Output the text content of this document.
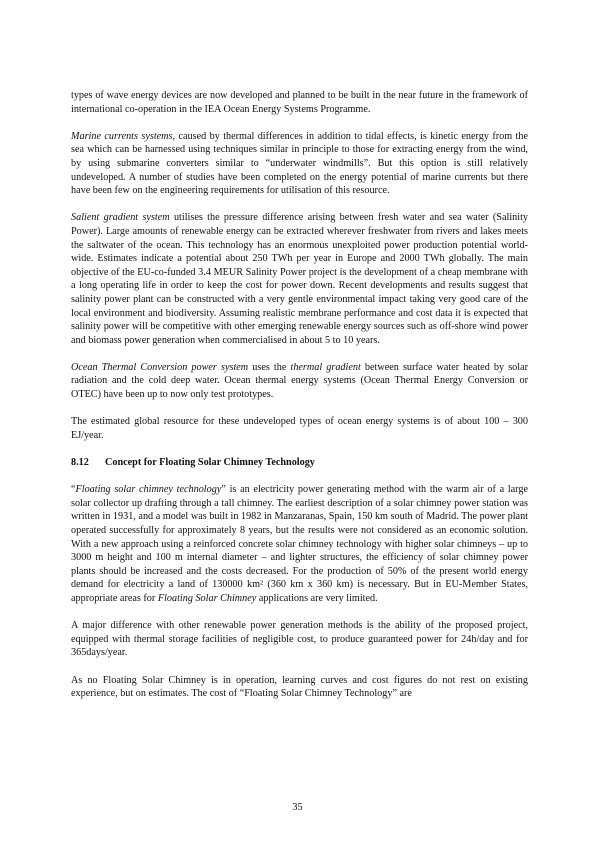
types of wave energy devices are now developed and planned to be built in the near future in the framework of international co-operation in the IEA Ocean Energy Systems Programme.

Marine currents systems, caused by thermal differences in addition to tidal effects, is kinetic energy from the sea which can be harnessed using techniques similar in principle to those for extracting energy from the wind, by using submarine converters similar to “underwater windmills”. But this option is still relatively undeveloped. A number of studies have been completed on the energy potential of marine currents but there have been few on the engineering requirements for utilisation of this resource.

Salient gradient system utilises the pressure difference arising between fresh water and sea water (Salinity Power). Large amounts of renewable energy can be extracted wherever freshwater from rivers and lakes meets the saltwater of the ocean. This technology has an enormous unexploited power production potential world-wide. Estimates indicate a potential about 250 TWh per year in Europe and 2000 TWh globally. The main objective of the EU-co-funded 3.4 MEUR Salinity Power project is the development of a cheap membrane with a long operating life in order to keep the cost for power down. Recent developments and results suggest that salinity power plant can be constructed with a very gentle environmental impact taking very good care of the local environment and biodiversity. Assuming realistic membrane performance and cost data it is expected that salinity power will be competitive with other emerging renewable energy sources such as off-shore wind power and biomass power generation when commercialised in about 5 to 10 years.

Ocean Thermal Conversion power system uses the thermal gradient between surface water heated by solar radiation and the cold deep water. Ocean thermal energy systems (Ocean Thermal Energy Conversion or OTEC) have been up to now only test prototypes.

The estimated global resource for these undeveloped types of ocean energy systems is of about 100 – 300 EJ/year.

8.12 Concept for Floating Solar Chimney Technology

“Floating solar chimney technology” is an electricity power generating method with the warm air of a large solar collector up drafting through a tall chimney. The earliest description of a solar chimney power station was written in 1931, and a model was built in 1982 in Manzaranas, Spain, 150 km south of Madrid. The power plant operated successfully for approximately 8 years, but the results were not considered as an economic solution. With a new approach using a reinforced concrete solar chimney technology with higher solar chimneys – up to 3000 m height and 100 m internal diameter – and lighter structures, the efficiency of solar chimney power plants should be increased and the costs decreased. For the production of 50% of the present world energy demand for electricity a land of 130000 km² (360 km x 360 km) is necessary. But in EU-Member States, appropriate areas for Floating Solar Chimney applications are very limited.

A major difference with other renewable power generation methods is the ability of the proposed project, equipped with thermal storage facilities of negligible cost, to produce guaranteed power for 24h/day and for 365days/year.

As no Floating Solar Chimney is in operation, learning curves and cost figures do not rest on existing experience, but on estimates. The cost of “Floating Solar Chimney Technology” are

35
